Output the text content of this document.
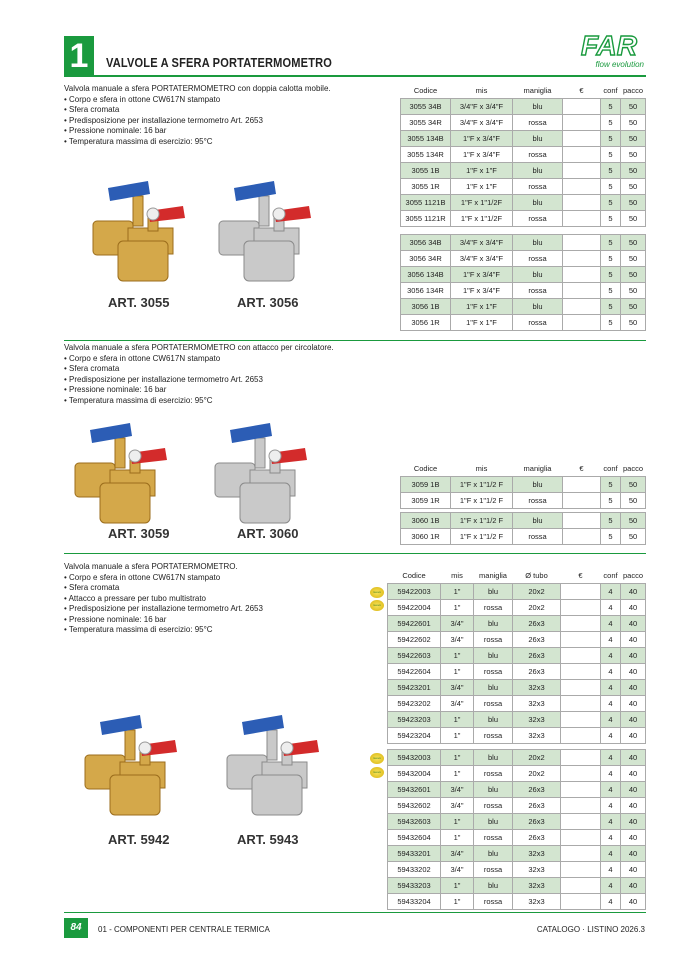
1	VALVOLE A SFERA PORTATERMOMETRO
FAR
flow evolution
Valvola manuale a sfera PORTATERMOMETRO con doppia calotta mobile.
• Corpo e sfera in ottone CW617N stampato
• Sfera cromata
• Predisposizione per installazione termometro Art. 2653
• Pressione nominale: 16 bar
• Temperatura massima di esercizio: 95°C
ART. 3055	ART. 3056
Codice	mis	maniglia	€	conf	pacco
3055 34B	3/4"F x 3/4"F	blu		5	50
3055 34R	3/4"F x 3/4"F	rossa		5	50
3055 134B	1"F x 3/4"F	blu		5	50
3055 134R	1"F x 3/4"F	rossa		5	50
3055 1B	1"F x 1"F	blu		5	50
3055 1R	1"F x 1"F	rossa		5	50
3055 1121B	1"F x 1"1/2F	blu		5	50
3055 1121R	1"F x 1"1/2F	rossa		5	50

3056 34B	3/4"F x 3/4"F	blu		5	50
3056 34R	3/4"F x 3/4"F	rossa		5	50
3056 134B	1"F x 3/4"F	blu		5	50
3056 134R	1"F x 3/4"F	rossa		5	50
3056 1B	1"F x 1"F	blu		5	50
3056 1R	1"F x 1"F	rossa		5	50
Valvola manuale a sfera PORTATERMOMETRO con attacco per circolatore.
• Corpo e sfera in ottone CW617N stampato
• Sfera cromata
• Predisposizione per installazione termometro Art. 2653
• Pressione nominale: 16 bar
• Temperatura massima di esercizio: 95°C
ART. 3059	ART. 3060
Codice	mis	maniglia	€	conf	pacco
3059 1B	1"F x 1"1/2 F	blu		5	50
3059 1R	1"F x 1"1/2 F	rossa		5	50

3060 1B	1"F x 1"1/2 F	blu		5	50
3060 1R	1"F x 1"1/2 F	rossa		5	50
Valvola manuale a sfera PORTATERMOMETRO.
• Corpo e sfera in ottone CW617N stampato
• Sfera cromata
• Attacco a pressare per tubo multistrato
• Predisposizione per installazione termometro Art. 2653
• Pressione nominale: 16 bar
• Temperatura massima di esercizio: 95°C
ART. 5942	ART. 5943
Codice	mis	maniglia	Ø tubo	€	conf	pacco
59422003	1"	blu	20x2		4	40
59422004	1"	rossa	20x2		4	40
59422601	3/4"	blu	26x3		4	40
59422602	3/4"	rossa	26x3		4	40
59422603	1"	blu	26x3		4	40
59422604	1"	rossa	26x3		4	40
59423201	3/4"	blu	32x3		4	40
59423202	3/4"	rossa	32x3		4	40
59423203	1"	blu	32x3		4	40
59423204	1"	rossa	32x3		4	40

59432003	1"	blu	20x2		4	40
59432004	1"	rossa	20x2		4	40
59432601	3/4"	blu	26x3		4	40
59432602	3/4"	rossa	26x3		4	40
59432603	1"	blu	26x3		4	40
59432604	1"	rossa	26x3		4	40
59433201	3/4"	blu	32x3		4	40
59433202	3/4"	rossa	32x3		4	40
59433203	1"	blu	32x3		4	40
59433204	1"	rossa	32x3		4	40
nuovo
nuovo
nuovo
nuovo
84	01 - COMPONENTI PER CENTRALE TERMICA	CATALOGO · LISTINO 2026.3
